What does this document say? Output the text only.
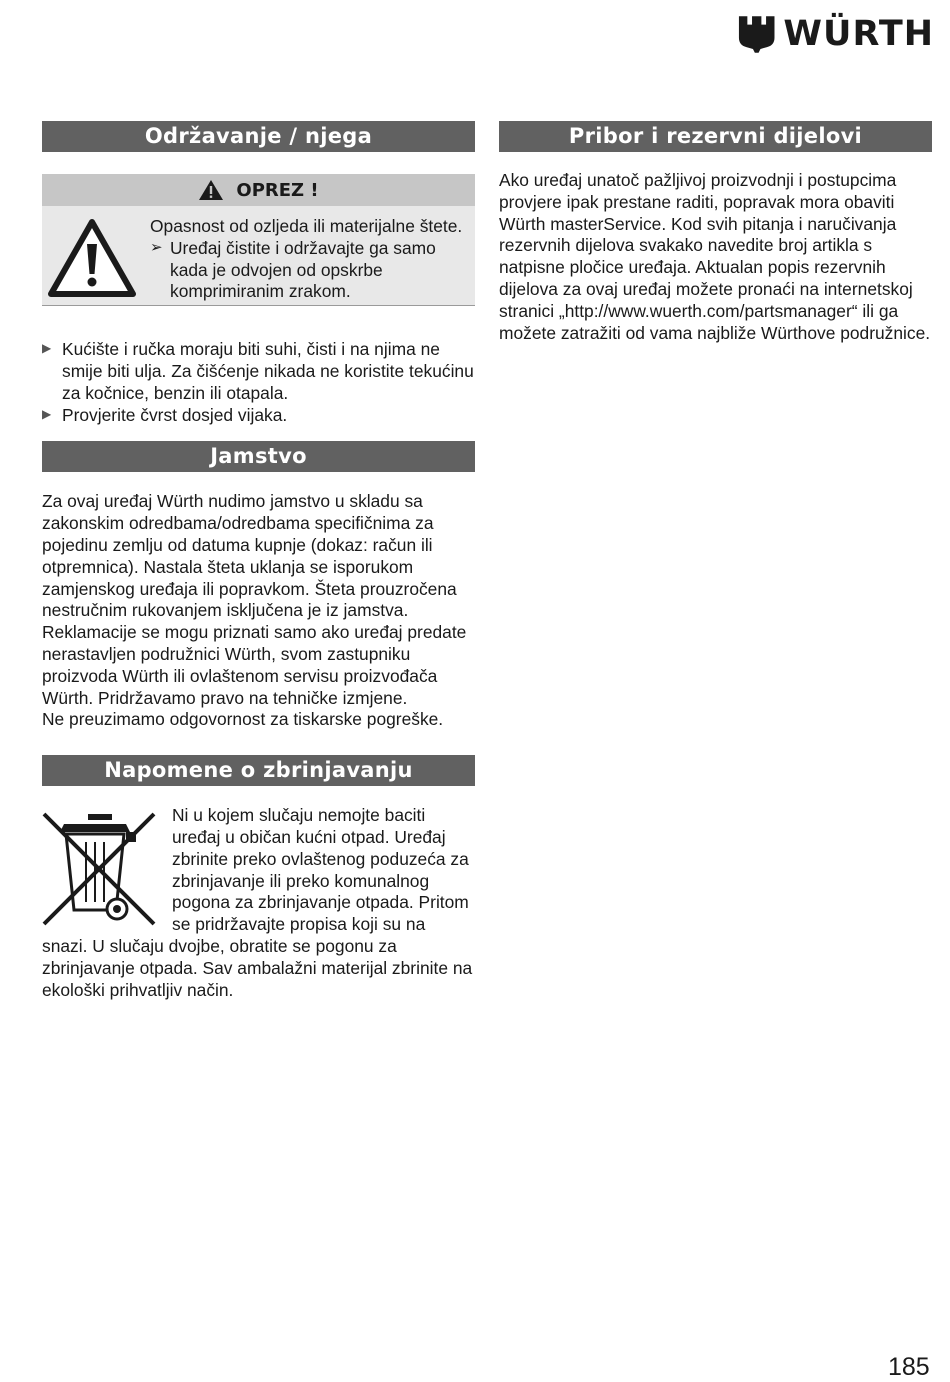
WÜRTH
Održavanje / njega
OPREZ !

Opasnost od ozljeda ili materijalne štete.

➢ Uređaj čistite i održavajte ga samo kada je odvojen od opskrbe komprimiranim zrakom.

▶ Kućište i ručka moraju biti suhi, čisti i na njima ne smije biti ulja. Za čišćenje nikada ne koristite tekućinu za kočnice, benzin ili otapala.

▶ Provjerite čvrst dosjed vijaka.

Jamstvo

Za ovaj uređaj Würth nudimo jamstvo u skladu sa zakonskim odredbama/odredbama specifičnima za pojedinu zemlju od datuma kupnje (dokaz: račun ili otpremnica). Nastala šteta uklanja se isporukom zamjenskog uređaja ili popravkom. Šteta prouzročena nestručnim rukovanjem isključena je iz jamstva. Reklamacije se mogu priznati samo ako uređaj predate nerastavljen podružnici Würth, svom zastupniku proizvoda Würth ili ovlaštenom servisu proizvođača Würth. Pridržavamo pravo na tehničke izmjene.

Ne preuzimamo odgovornost za tiskarske pogreške.

Napomene o zbrinjavanju
Ni u kojem slučaju nemojte baciti uređaj u običan kućni otpad. Uređaj zbrinite preko ovlaštenog poduzeća za zbrinjavanje ili preko komunalnog pogona za zbrinjavanje otpada. Pritom se pridržavajte propisa koji su na snazi. U slučaju dvojbe, obratite se pogonu za zbrinjavanje otpada. Sav ambalažni materijal zbrinite na ekološki prihvatljiv način.
Pribor i rezervni dijelovi

Ako uređaj unatoč pažljivoj proizvodnji i postupcima provjere ipak prestane raditi, popravak mora obaviti Würth masterService. Kod svih pitanja i naručivanja rezervnih dijelova svakako navedite broj artikla s natpisne pločice uređaja. Aktualan popis rezervnih dijelova za ovaj uređaj možete pronaći na internetskoj stranici „http://www.wuerth.com/partsmanager“ ili ga možete zatražiti od vama najbliže Würthove podružnice.

185
